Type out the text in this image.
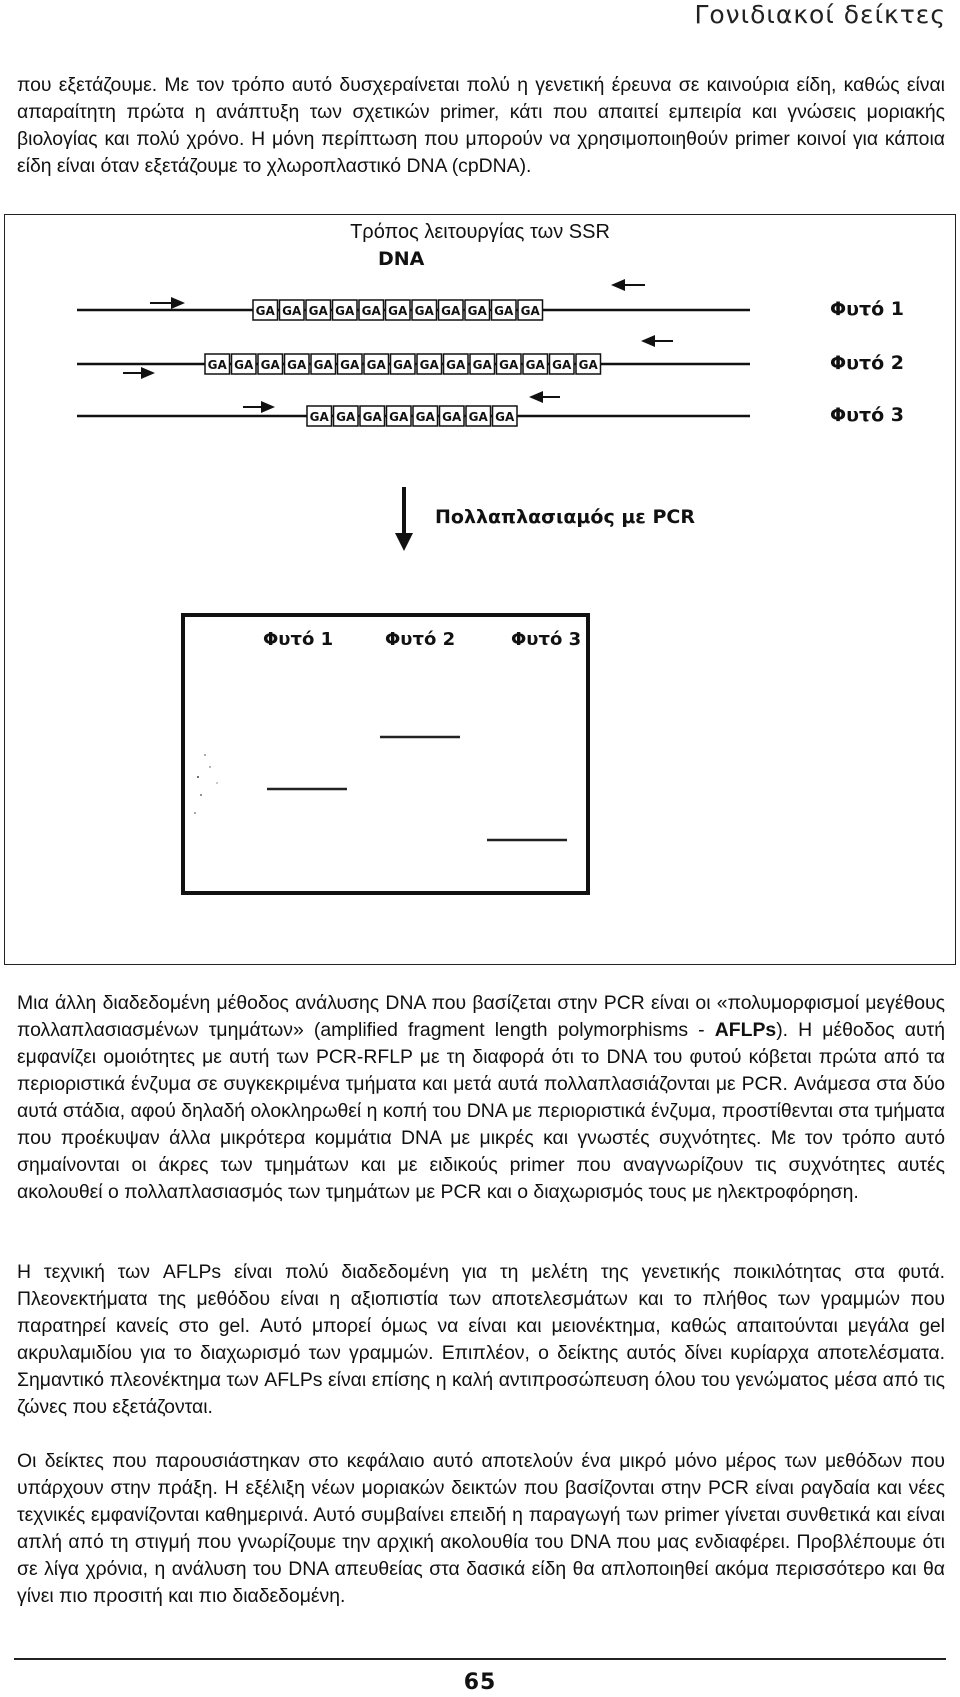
Γονιδιακοί δείκτες

που εξετάζουμε. Με τον τρόπο αυτό δυσχεραίνεται πολύ η γενετική έρευνα σε καινούρια είδη, καθώς είναι απαραίτητη πρώτα η ανάπτυξη των σχετικών primer, κάτι που απαιτεί εμπειρία και γνώσεις μοριακής βιολογίας και πολύ χρόνο. Η μόνη περίπτωση που μπορούν να χρησιμοποιηθούν primer κοινοί για κάποια είδη είναι όταν εξετάζουμε το χλωροπλαστικό DNA (cpDNA).

Τρόπος λειτουργίας των SSR
DNA
GA GA GA GA GA GA GA GA GA GA GA	Φυτό 1
GA GA GA GA GA GA GA GA GA GA GA GA GA GA GA	Φυτό 2
GA GA GA GA GA GA GA GA	Φυτό 3
Πολλαπλασιαμός με PCR
Φυτό 1	Φυτό 2	Φυτό 3

Μια άλλη διαδεδομένη μέθοδος ανάλυσης DNA που βασίζεται στην PCR είναι οι «πολυμορφισμοί μεγέθους πολλαπλασιασμένων τμημάτων» (amplified fragment length polymorphisms - AFLPs). Η μέθοδος αυτή εμφανίζει ομοιότητες με αυτή των PCR-RFLP με τη διαφορά ότι το DNA του φυτού κόβεται πρώτα από τα περιοριστικά ένζυμα σε συγκεκριμένα τμήματα και μετά αυτά πολλαπλασιάζονται με PCR. Ανάμεσα στα δύο αυτά στάδια, αφού δηλαδή ολοκληρωθεί η κοπή του DNA με περιοριστικά ένζυμα, προστίθενται στα τμήματα που προέκυψαν άλλα μικρότερα κομμάτια DNA με μικρές και γνωστές συχνότητες. Με τον τρόπο αυτό σημαίνονται οι άκρες των τμημάτων και με ειδικούς primer που αναγνωρίζουν τις συχνότητες αυτές ακολουθεί ο πολλαπλασιασμός των τμημάτων με PCR και ο διαχωρισμός τους με ηλεκτροφόρηση.

Η τεχνική των AFLPs είναι πολύ διαδεδομένη για τη μελέτη της γενετικής ποικιλότητας στα φυτά. Πλεονεκτήματα της μεθόδου είναι η αξιοπιστία των αποτελεσμάτων και το πλήθος των γραμμών που παρατηρεί κανείς στο gel. Αυτό μπορεί όμως να είναι και μειονέκτημα, καθώς απαιτούνται μεγάλα gel ακρυλαμιδίου για το διαχωρισμό των γραμμών. Επιπλέον, ο δείκτης αυτός δίνει κυρίαρχα αποτελέσματα. Σημαντικό πλεονέκτημα των AFLPs είναι επίσης η καλή αντιπροσώπευση όλου του γενώματος μέσα από τις ζώνες που εξετάζονται.

Οι δείκτες που παρουσιάστηκαν στο κεφάλαιο αυτό αποτελούν ένα μικρό μόνο μέρος των μεθόδων που υπάρχουν στην πράξη. Η εξέλιξη νέων μοριακών δεικτών που βασίζονται στην PCR είναι ραγδαία και νέες τεχνικές εμφανίζονται καθημερινά. Αυτό συμβαίνει επειδή η παραγωγή των primer γίνεται συνθετικά και είναι απλή από τη στιγμή που γνωρίζουμε την αρχική ακολουθία του DNA που μας ενδιαφέρει. Προβλέπουμε ότι σε λίγα χρόνια, η ανάλυση του DNA απευθείας στα δασικά είδη θα απλοποιηθεί ακόμα περισσότερο και θα γίνει πιο προσιτή και πιο διαδεδομένη.

65
